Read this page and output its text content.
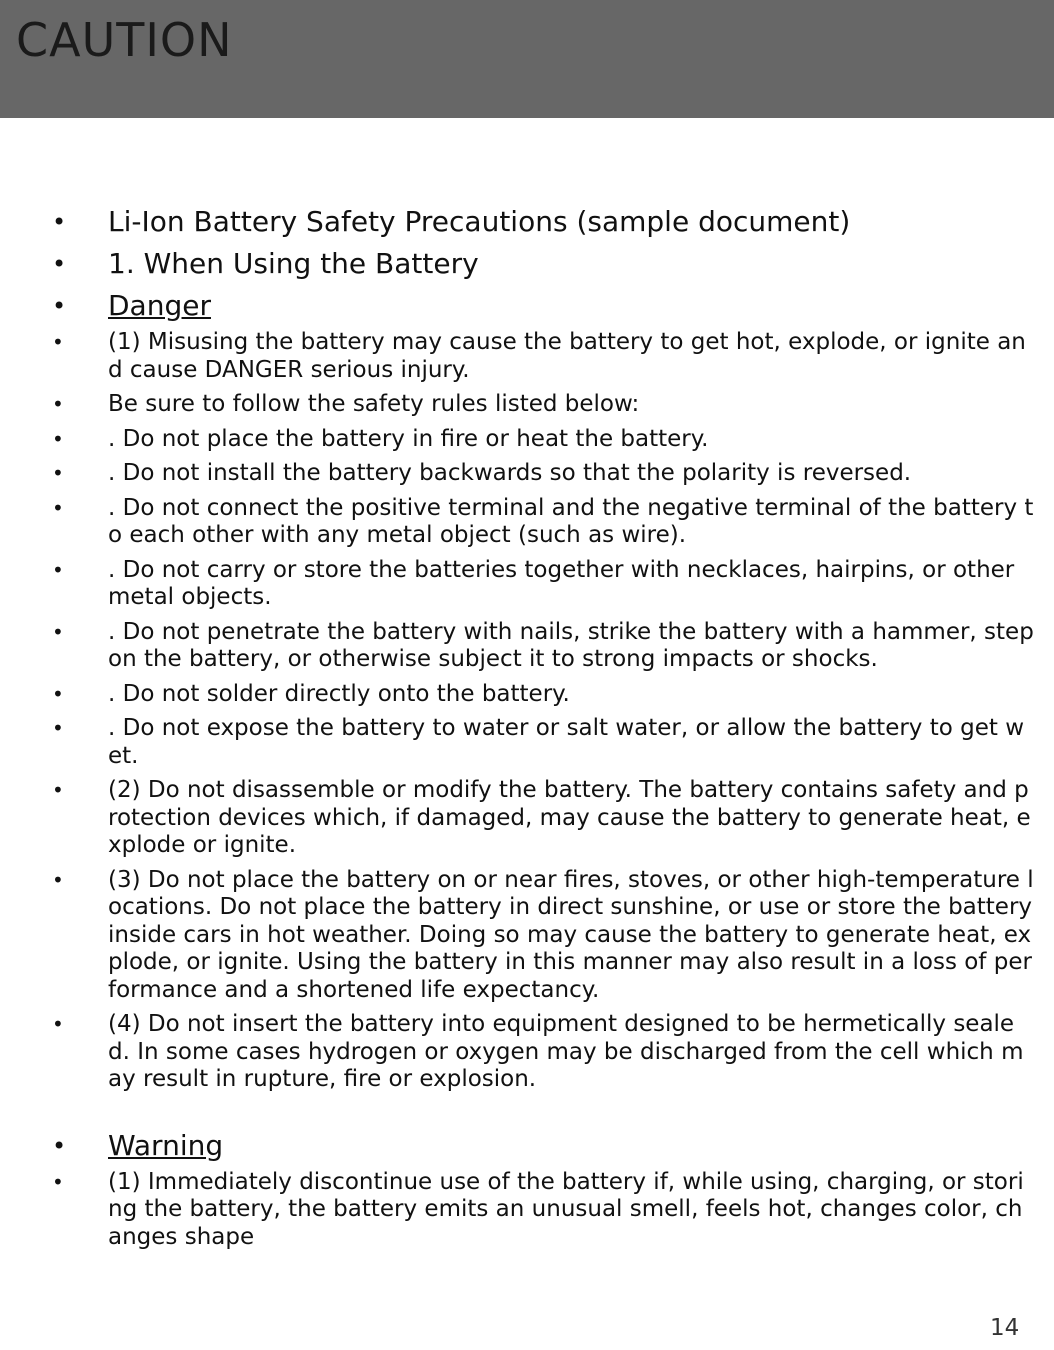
CAUTION
• Li-Ion Battery Safety Precautions (sample document)
• 1. When Using the Battery
• Danger
• (1) Misusing the battery may cause the battery to get hot, explode, or ignite and cause DANGER serious injury.
• Be sure to follow the safety rules listed below:
• . Do not place the battery in fire or heat the battery.
• . Do not install the battery backwards so that the polarity is reversed.
• . Do not connect the positive terminal and the negative terminal of the battery to each other with any metal object (such as wire).
• . Do not carry or store the batteries together with necklaces, hairpins, or other metal objects.
• . Do not penetrate the battery with nails, strike the battery with a hammer, step on the battery, or otherwise subject it to strong impacts or shocks.
• . Do not solder directly onto the battery.
• . Do not expose the battery to water or salt water, or allow the battery to get wet.
• (2) Do not disassemble or modify the battery. The battery contains safety and protection devices which, if damaged, may cause the battery to generate heat, explode or ignite.
• (3) Do not place the battery on or near fires, stoves, or other high-temperature locations. Do not place the battery in direct sunshine, or use or store the battery inside cars in hot weather. Doing so may cause the battery to generate heat, explode, or ignite. Using the battery in this manner may also result in a loss of performance and a shortened life expectancy.
• (4) Do not insert the battery into equipment designed to be hermetically sealed. In some cases hydrogen or oxygen may be discharged from the cell which may result in rupture, fire or explosion.
• Warning
• (1) Immediately discontinue use of the battery if, while using, charging, or storing the battery, the battery emits an unusual smell, feels hot, changes color, changes shape
14
